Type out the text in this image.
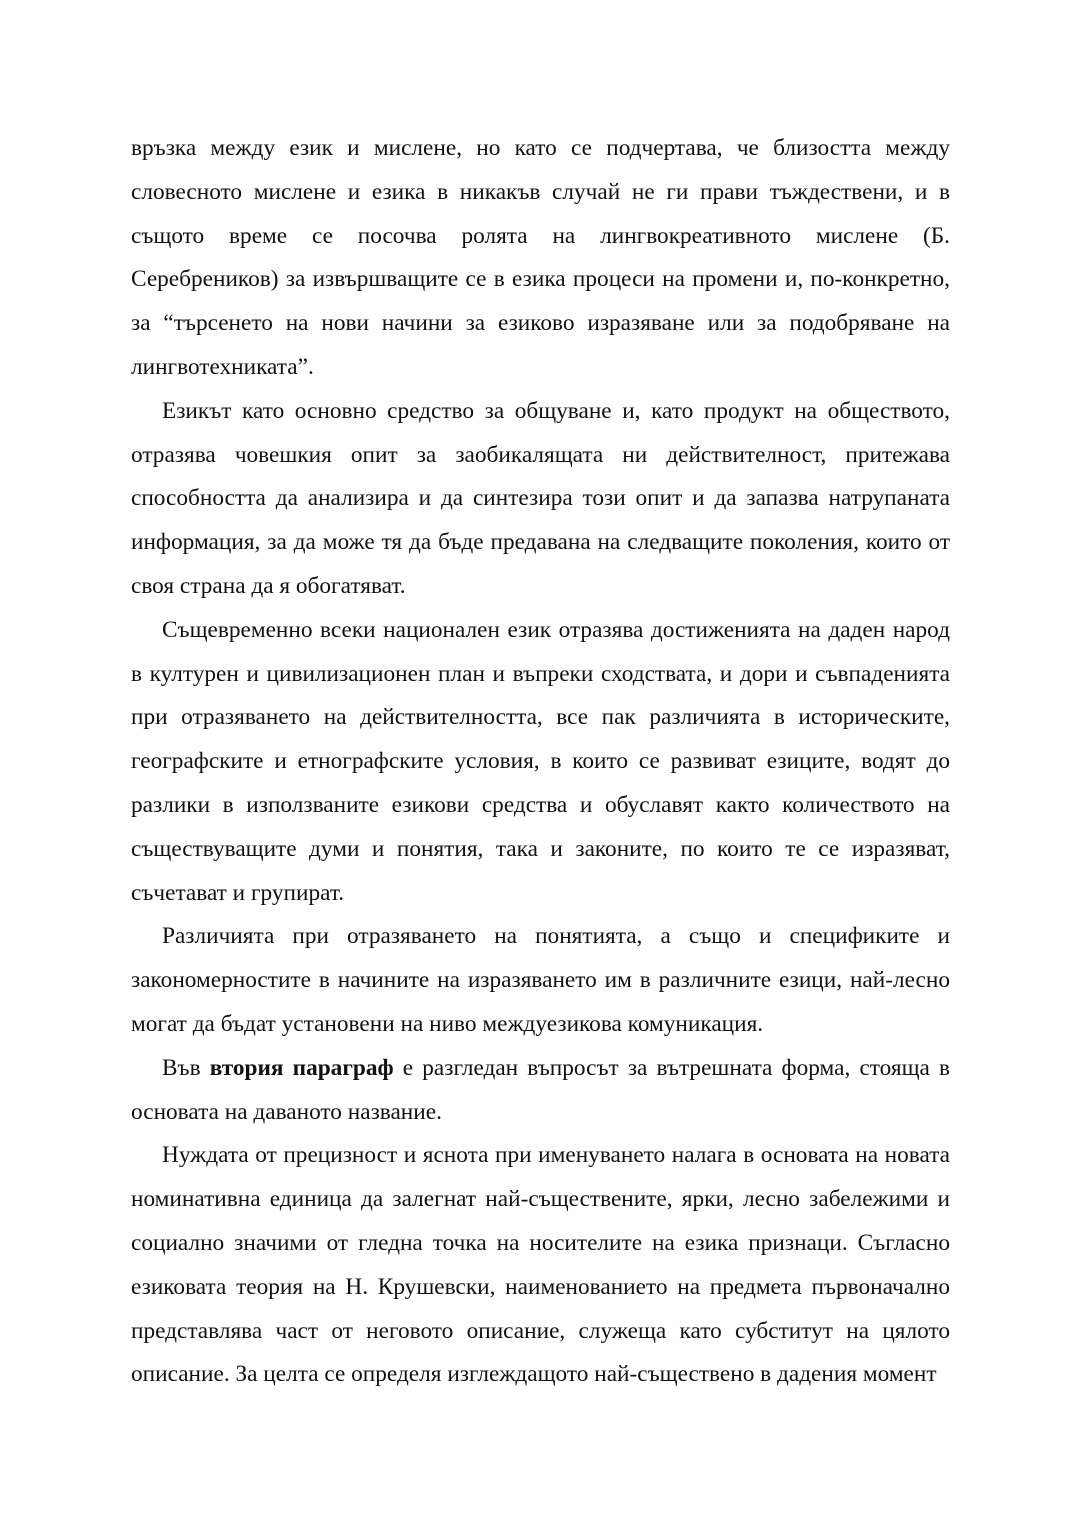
връзка между език и мислене, но като се подчертава, че близостта между словесното мислене и езика в никакъв случай не ги прави тъждествени, и в същото време се посочва ролята на лингвокреативното мислене (Б. Серебреников) за извършващите се в езика процеси на промени и, по-конкретно, за “търсенето на нови начини за езиково изразяване или за подобряване на лингвотехниката”.

Езикът като основно средство за общуване и, като продукт на обществото, отразява човешкия опит за заобикалящата ни действителност, притежава способността да анализира и да синтезира този опит и да запазва натрупаната информация, за да може тя да бъде предавана на следващите поколения, които от своя страна да я обогатяват.

Същевременно всеки национален език отразява достиженията на даден народ в културен и цивилизационен план и въпреки сходствата, и дори и съвпаденията при отразяването на действителността, все пак различията в историческите, географските и етнографските условия, в които се развиват езиците, водят до разлики в използваните езикови средства и обуславят както количеството на съществуващите думи и понятия, така и законите, по които те се изразяват, съчетават и групират.

Различията при отразяването на понятията, а също и спецификите и закономерностите в начините на изразяването им в различните езици, най-лесно могат да бъдат установени на ниво междуезикова комуникация.

Във втория параграф е разгледан въпросът за вътрешната форма, стояща в основата на даваното название.

Нуждата от прецизност и яснота при именуването налага в основата на новата номинативна единица да залегнат най-съществените, ярки, лесно забележими и социално значими от гледна точка на носителите на езика признаци. Съгласно езиковата теория на Н. Крушевски, наименованието на предмета първоначално представлява част от неговото описание, служеща като субститут на цялото описание. За целта се определя изглеждащото най-съществено в дадения момент
